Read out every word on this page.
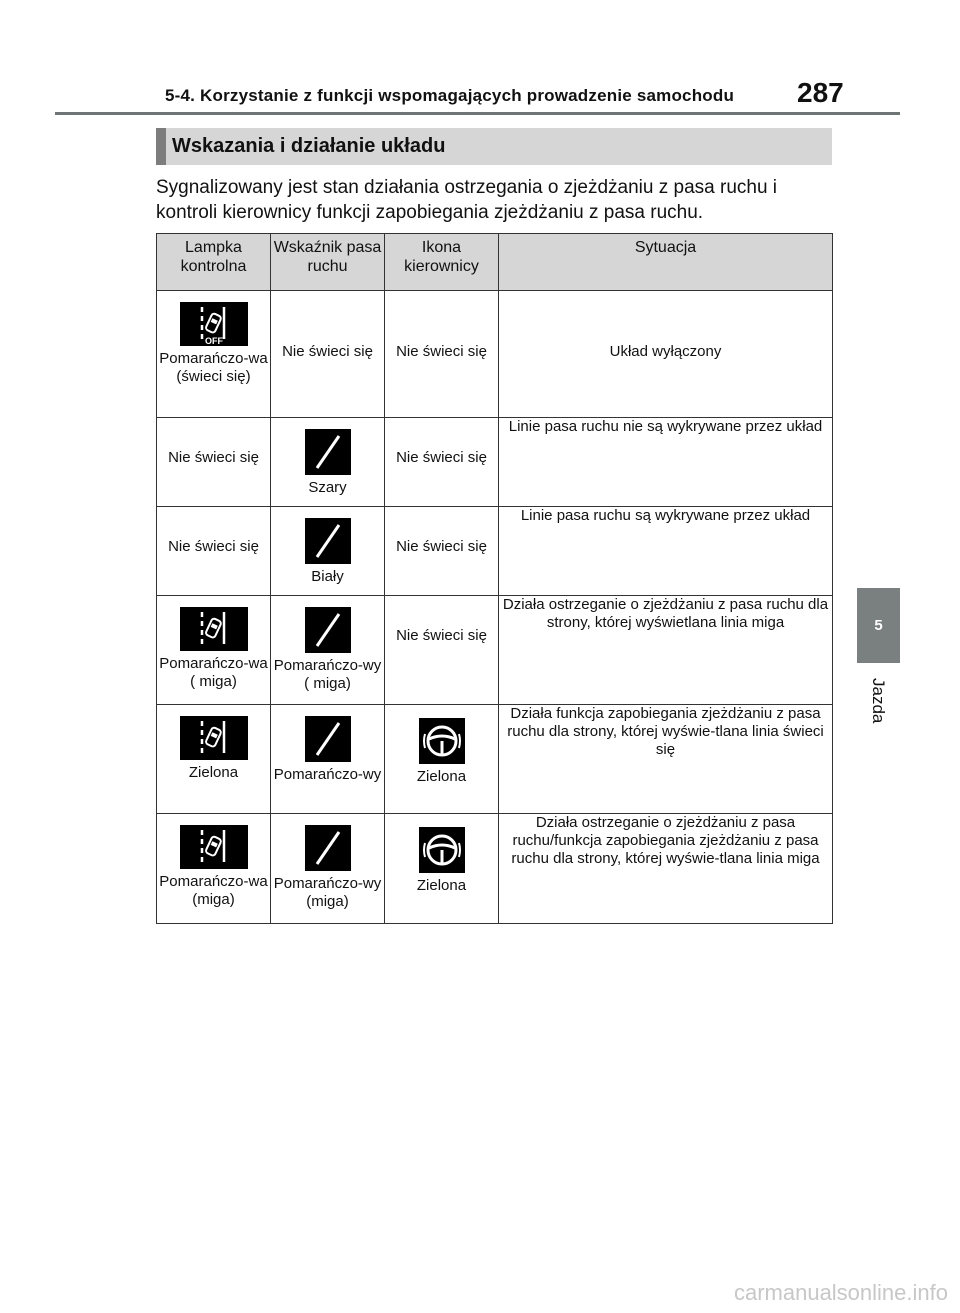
5-4. Korzystanie z funkcji wspomagających prowadzenie samochodu 287
Wskazania i działanie układu
Sygnalizowany jest stan działania ostrzegania o zjeżdżaniu z pasa ruchu i kontroli kierownicy funkcji zapobiegania zjeżdżaniu z pasa ruchu.
Lampka kontrolna	Wskaźnik pasa ruchu	Ikona kierownicy	Sytuacja

OFF
Pomarańczo-wa (świeci się)	Nie świeci się	Nie świeci się	Układ wyłączony

Nie świeci się	Szary	Nie świeci się	Linie pasa ruchu nie są wykrywane przez układ

Nie świeci się	Biały	Nie świeci się	Linie pasa ruchu są wykrywane przez układ

Pomarańczo-wa ( miga)	Pomarańczo-wy ( miga)	Nie świeci się	Działa ostrzeganie o zjeżdżaniu z pasa ruchu dla strony, której wyświetlana linia miga

Zielona	Pomarańczo-wy	Zielona	Działa funkcja zapobiegania zjeżdżaniu z pasa ruchu dla strony, której wyświe-tlana linia świeci się

Pomarańczo-wa (miga)	Pomarańczo-wy (miga)	Zielona	Działa ostrzeganie o zjeżdżaniu z pasa ruchu/funkcja zapobiegania zjeżdżaniu z pasa ruchu dla strony, której wyświe-tlana linia miga
5
Jazda
carmanualsonline.info
